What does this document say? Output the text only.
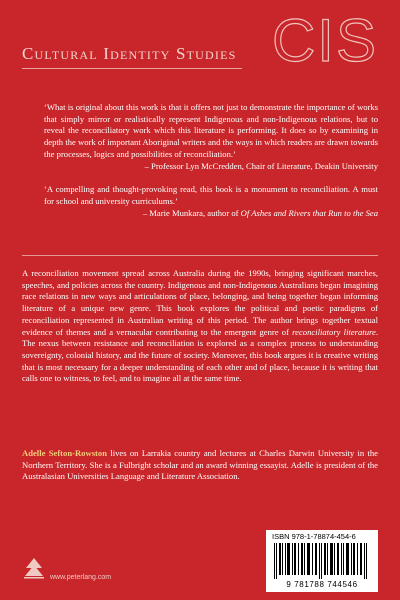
Cultural Identity Studies CIS

‘What is original about this work is that it offers not just to demonstrate the importance of works that simply mirror or realistically represent Indigenous and non-Indigenous relations, but to reveal the reconciliatory work which this literature is performing. It does so by examining in depth the work of important Aboriginal writers and the ways in which readers are drawn towards the processes, logics and possibilities of reconciliation.’

– Professor Lyn McCredden, Chair of Literature, Deakin University

‘A compelling and thought-provoking read, this book is a monument to reconciliation. A must for school and university curriculums.’

– Marie Munkara, author of Of Ashes and Rivers that Run to the Sea

A reconciliation movement spread across Australia during the 1990s, bringing significant marches, speeches, and policies across the country. Indigenous and non-Indigenous Australians began imagining race relations in new ways and articulations of place, belonging, and being together began informing literature of a unique new genre. This book explores the political and poetic paradigms of reconciliation represented in Australian writing of this period. The author brings together textual evidence of themes and a vernacular contributing to the emergent genre of reconciliatory literature. The nexus between resistance and reconciliation is explored as a complex process to understanding sovereignty, colonial history, and the future of society. Moreover, this book argues it is creative writing that is most necessary for a deeper understanding of each other and of place, because it is writing that calls one to witness, to feel, and to imagine all at the same time.

Adelle Sefton-Rowston lives on Larrakia country and lectures at Charles Darwin University in the Northern Territory. She is a Fulbright scholar and an award winning essayist. Adelle is president of the Australasian Universities Language and Literature Association.

www.peterlang.com
ISBN 978-1-78874-454-6
9 781788 744546
